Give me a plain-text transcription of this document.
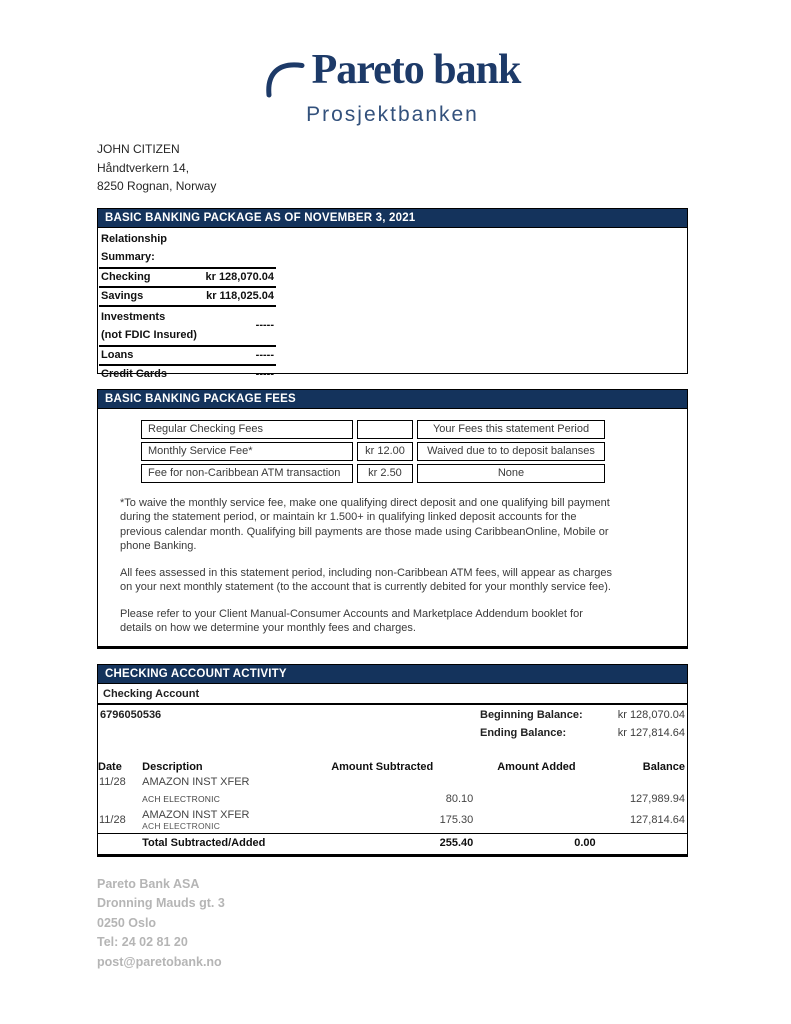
Pareto bank
Prosjektbanken
JOHN CITIZEN
Håndtverkern 14,
8250 Rognan, Norway
BASIC BANKING PACKAGE AS OF NOVEMBER 3, 2021
Relationship
Summary:	

Checking	kr 128,070.04
Savings	kr 118,025.04

Investments
(not FDIC Insured)	-----
Loans	-----
Credit Cards	-----
BASIC BANKING PACKAGE FEES
Regular Checking Fees		Your Fees this statement Period
Monthly Service Fee*	kr 12.00	Waived due to to deposit balanses
Fee for non-Caribbean ATM transaction	kr 2.50	None

*To waive the monthly service fee, make one qualifying direct deposit and one qualifying bill payment during the statement period, or maintain kr 1.500+ in qualifying linked deposit accounts for the previous calendar month. Qualifying bill payments are those made using CaribbeanOnline, Mobile or phone Banking.

All fees assessed in this statement period, including non-Caribbean ATM fees, will appear as charges on your next monthly statement (to the account that is currently debited for your monthly service fee).

Please refer to your Client Manual-Consumer Accounts and Marketplace Addendum booklet for details on how we determine your monthly fees and charges.

CHECKING ACCOUNT ACTIVITY
Checking Account
6796050536	Beginning Balance:	kr 128,070.04
Ending Balance:	kr 127,814.64
Date	Description	Amount Subtracted	Amount Added	Balance
11/28	AMAZON INST XFER			
	ACH ELECTRONIC	80.10		127,989.94
11/28	AMAZON INST XFER
ACH ELECTRONIC	175.30		127,814.64
	Total Subtracted/Added	255.40	0.00	
Pareto Bank ASA
Dronning Mauds gt. 3
0250 Oslo
Tel: 24 02 81 20
post@paretobank.no
